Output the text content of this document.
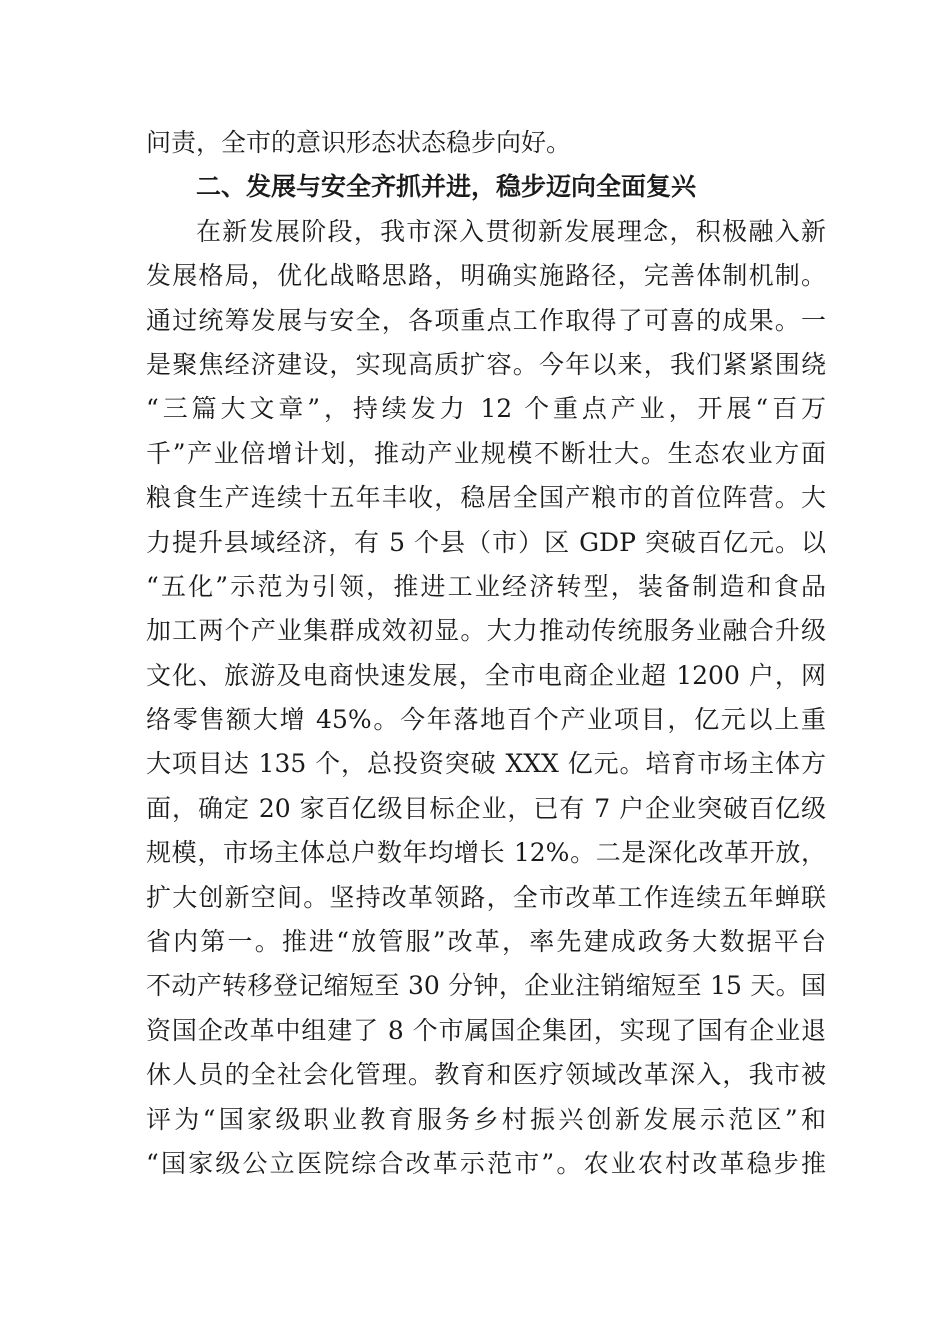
问责，全市的意识形态状态稳步向好。
二、发展与安全齐抓并进，稳步迈向全面复兴
在新发展阶段，我市深入贯彻新发展理念，积极融入新
发展格局，优化战略思路，明确实施路径，完善体制机制。
通过统筹发展与安全，各项重点工作取得了可喜的成果。一
是聚焦经济建设，实现高质扩容。今年以来，我们紧紧围绕
“三篇大文章”，持续发力 12 个重点产业，开展“百万
千”产业倍增计划，推动产业规模不断壮大。生态农业方面
粮食生产连续十五年丰收，稳居全国产粮市的首位阵营。大
力提升县域经济，有 5 个县（市）区 GDP 突破百亿元。以
“五化”示范为引领，推进工业经济转型，装备制造和食品
加工两个产业集群成效初显。大力推动传统服务业融合升级
文化、旅游及电商快速发展，全市电商企业超 1200 户，网
络零售额大增 45%。今年落地百个产业项目，亿元以上重
大项目达 135 个，总投资突破 XXX 亿元。培育市场主体方
面，确定 20 家百亿级目标企业，已有 7 户企业突破百亿级
规模，市场主体总户数年均增长 12%。二是深化改革开放，
扩大创新空间。坚持改革领路，全市改革工作连续五年蝉联
省内第一。推进“放管服”改革，率先建成政务大数据平台
不动产转移登记缩短至 30 分钟，企业注销缩短至 15 天。国
资国企改革中组建了 8 个市属国企集团，实现了国有企业退
休人员的全社会化管理。教育和医疗领域改革深入，我市被
评为“国家级职业教育服务乡村振兴创新发展示范区”和
“国家级公立医院综合改革示范市”。农业农村改革稳步推
